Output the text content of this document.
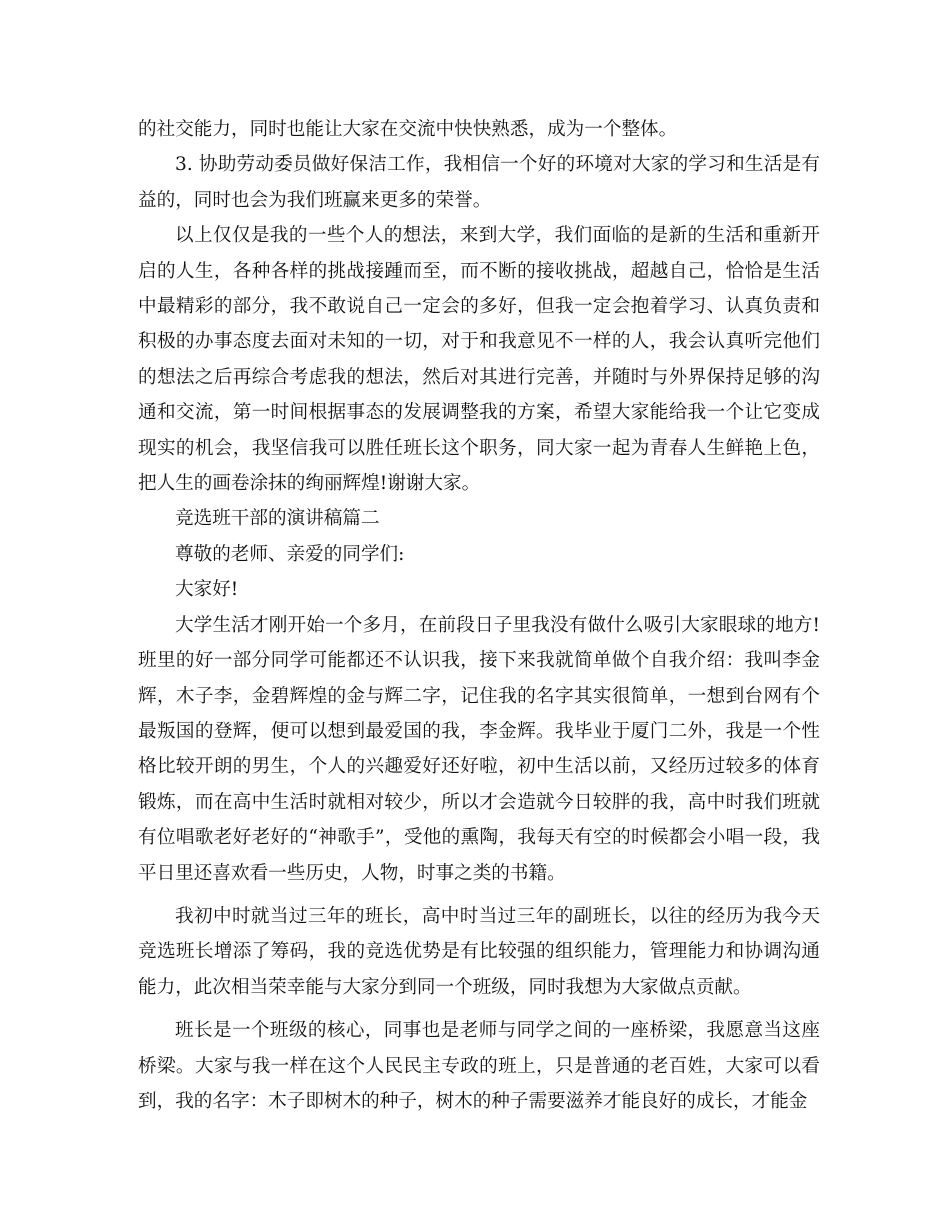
的社交能力，同时也能让大家在交流中快快熟悉，成为一个整体。

3. 协助劳动委员做好保洁工作，我相信一个好的环境对大家的学习和生活是有益的，同时也会为我们班赢来更多的荣誉。

以上仅仅是我的一些个人的想法，来到大学，我们面临的是新的生活和重新开启的人生，各种各样的挑战接踵而至，而不断的接收挑战，超越自己，恰恰是生活中最精彩的部分，我不敢说自己一定会的多好，但我一定会抱着学习、认真负责和积极的办事态度去面对未知的一切，对于和我意见不一样的人，我会认真听完他们的想法之后再综合考虑我的想法，然后对其进行完善，并随时与外界保持足够的沟通和交流，第一时间根据事态的发展调整我的方案，希望大家能给我一个让它变成现实的机会，我坚信我可以胜任班长这个职务，同大家一起为青春人生鲜艳上色，把人生的画卷涂抹的绚丽辉煌!谢谢大家。

竞选班干部的演讲稿篇二

尊敬的老师、亲爱的同学们:

大家好!

大学生活才刚开始一个多月，在前段日子里我没有做什么吸引大家眼球的地方!班里的好一部分同学可能都还不认识我，接下来我就简单做个自我介绍：我叫李金辉，木子李，金碧辉煌的金与辉二字，记住我的名字其实很简单，一想到台网有个最叛国的登辉，便可以想到最爱国的我，李金辉。我毕业于厦门二外，我是一个性格比较开朗的男生，个人的兴趣爱好还好啦，初中生活以前，又经历过较多的体育锻炼，而在高中生活时就相对较少，所以才会造就今日较胖的我，高中时我们班就有位唱歌老好老好的“神歌手”，受他的熏陶，我每天有空的时候都会小唱一段，我平日里还喜欢看一些历史，人物，时事之类的书籍。

我初中时就当过三年的班长，高中时当过三年的副班长，以往的经历为我今天竞选班长增添了筹码，我的竞选优势是有比较强的组织能力，管理能力和协调沟通能力，此次相当荣幸能与大家分到同一个班级，同时我想为大家做点贡献。

班长是一个班级的核心，同事也是老师与同学之间的一座桥梁，我愿意当这座桥梁。大家与我一样在这个人民民主专政的班上，只是普通的老百姓，大家可以看到，我的名字：木子即树木的种子，树木的种子需要滋养才能良好的成长，才能金
